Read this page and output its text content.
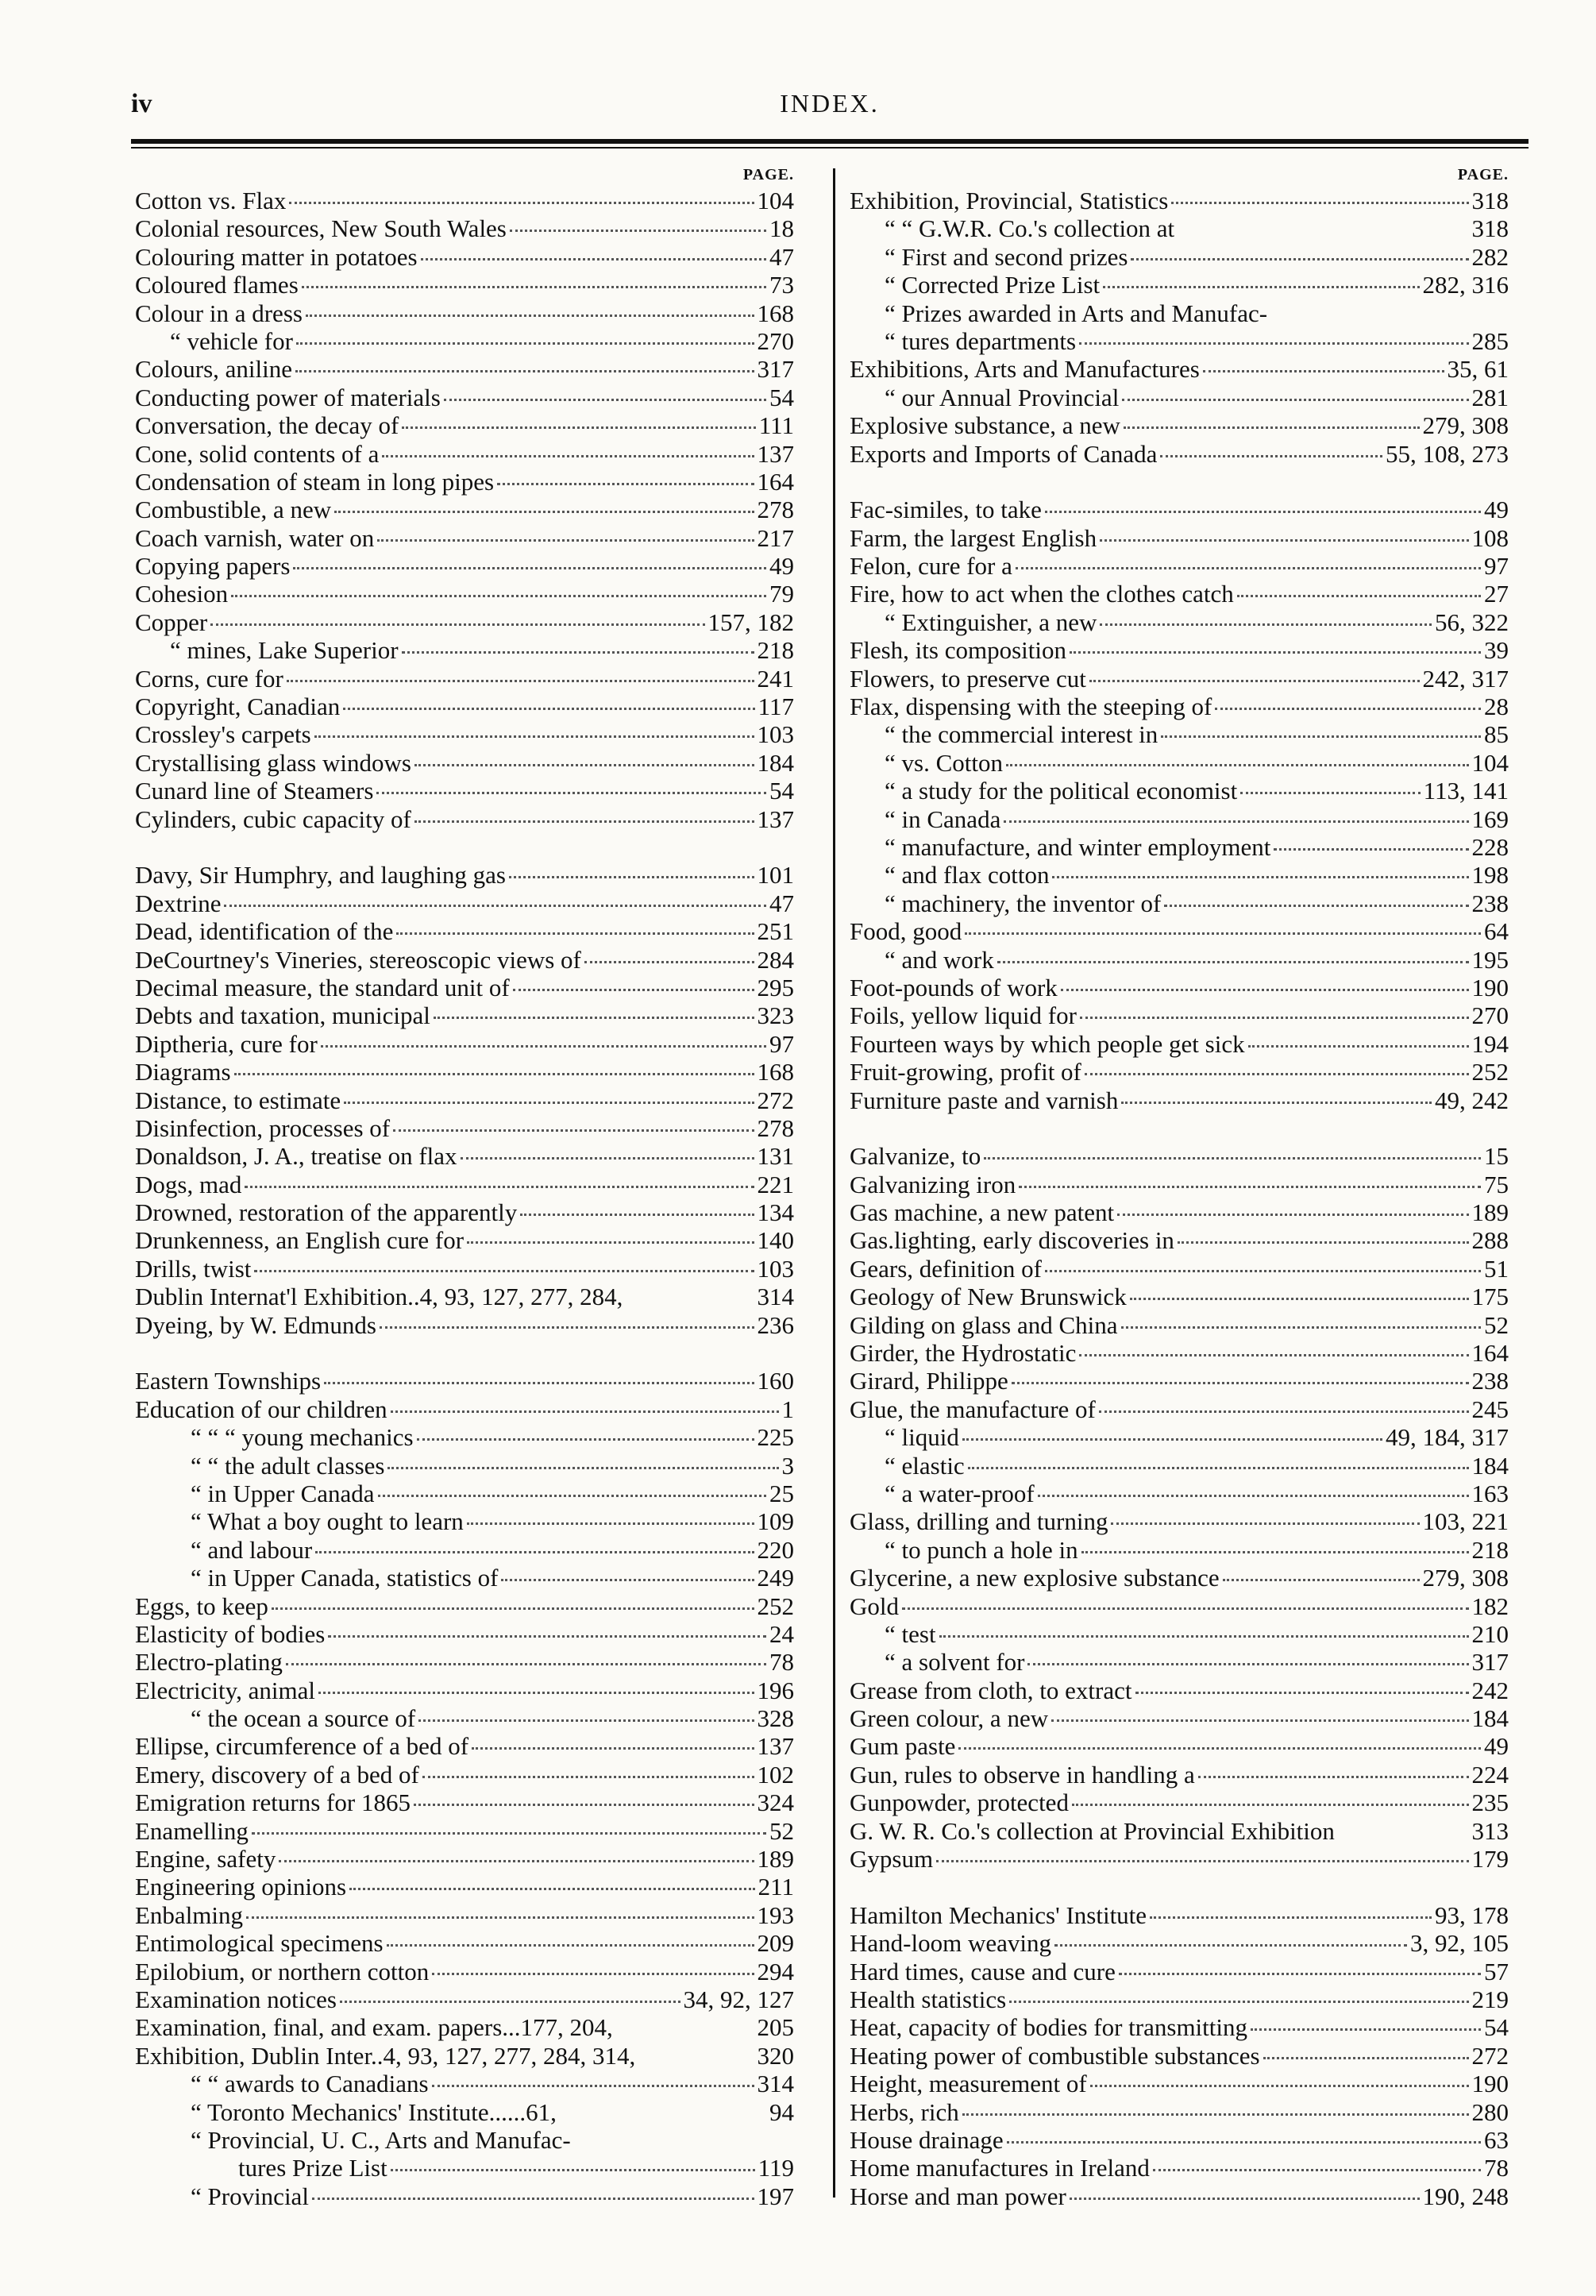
iv	INDEX.
PAGE.
Cotton vs. Flax	104
Colonial resources, New South Wales	18
Colouring matter in potatoes	47
Coloured flames	73
Colour in a dress	168
“ vehicle for	270
Colours, aniline	317
Conducting power of materials	54
Conversation, the decay of	111
Cone, solid contents of a	137
Condensation of steam in long pipes	164
Combustible, a new	278
Coach varnish, water on	217
Copying papers	49
Cohesion	79
Copper	157, 182
“ mines, Lake Superior	218
Corns, cure for	241
Copyright, Canadian	117
Crossley's carpets	103
Crystallising glass windows	184
Cunard line of Steamers	54
Cylinders, cubic capacity of	137
Davy, Sir Humphry, and laughing gas	101
Dextrine	47
Dead, identification of the	251
DeCourtney's Vineries, stereoscopic views of	284
Decimal measure, the standard unit of	295
Debts and taxation, municipal	323
Diptheria, cure for	97
Diagrams	168
Distance, to estimate	272
Disinfection, processes of	278
Donaldson, J. A., treatise on flax	131
Dogs, mad	221
Drowned, restoration of the apparently	134
Drunkenness, an English cure for	140
Drills, twist	103
Dublin Internat'l Exhibition..4, 93, 127, 277, 284,	314
Dyeing, by W. Edmunds	236
Eastern Townships	160
Education of our children	1
“ “ “ young mechanics	225
“ “ the adult classes	3
“ in Upper Canada	25
“ What a boy ought to learn	109
“ and labour	220
“ in Upper Canada, statistics of	249
Eggs, to keep	252
Elasticity of bodies	24
Electro-plating	78
Electricity, animal	196
“ the ocean a source of	328
Ellipse, circumference of a bed of	137
Emery, discovery of a bed of	102
Emigration returns for 1865	324
Enamelling	52
Engine, safety	189
Engineering opinions	211
Enbalming	193
Entimological specimens	209
Epilobium, or northern cotton	294
Examination notices	34, 92, 127
Examination, final, and exam. papers...177, 204,	205
Exhibition, Dublin Inter..4, 93, 127, 277, 284, 314,	320
“ “ awards to Canadians	314
“ Toronto Mechanics' Institute......61,	94
“ Provincial, U. C., Arts and Manufac-
tures Prize List	119
“ Provincial	197
PAGE.
Exhibition, Provincial, Statistics	318
“ “ G.W.R. Co.'s collection at	318
“ First and second prizes	282
“ Corrected Prize List	282, 316
“ Prizes awarded in Arts and Manufac-
“ tures departments	285
Exhibitions, Arts and Manufactures	35, 61
“ our Annual Provincial	281
Explosive substance, a new	279, 308
Exports and Imports of Canada	55, 108, 273
Fac-similes, to take	49
Farm, the largest English	108
Felon, cure for a	97
Fire, how to act when the clothes catch	27
“ Extinguisher, a new	56, 322
Flesh, its composition	39
Flowers, to preserve cut	242, 317
Flax, dispensing with the steeping of	28
“ the commercial interest in	85
“ vs. Cotton	104
“ a study for the political economist	113, 141
“ in Canada	169
“ manufacture, and winter employment	228
“ and flax cotton	198
“ machinery, the inventor of	238
Food, good	64
“ and work	195
Foot-pounds of work	190
Foils, yellow liquid for	270
Fourteen ways by which people get sick	194
Fruit-growing, profit of	252
Furniture paste and varnish	49, 242
Galvanize, to	15
Galvanizing iron	75
Gas machine, a new patent	189
Gas.lighting, early discoveries in	288
Gears, definition of	51
Geology of New Brunswick	175
Gilding on glass and China	52
Girder, the Hydrostatic	164
Girard, Philippe	238
Glue, the manufacture of	245
“ liquid	49, 184, 317
“ elastic	184
“ a water-proof	163
Glass, drilling and turning	103, 221
“ to punch a hole in	218
Glycerine, a new explosive substance	279, 308
Gold	182
“ test	210
“ a solvent for	317
Grease from cloth, to extract	242
Green colour, a new	184
Gum paste	49
Gun, rules to observe in handling a	224
Gunpowder, protected	235
G. W. R. Co.'s collection at Provincial Exhibition	313
Gypsum	179
Hamilton Mechanics' Institute	93, 178
Hand-loom weaving	3, 92, 105
Hard times, cause and cure	57
Health statistics	219
Heat, capacity of bodies for transmitting	54
Heating power of combustible substances	272
Height, measurement of	190
Herbs, rich	280
House drainage	63
Home manufactures in Ireland	78
Horse and man power	190, 248
